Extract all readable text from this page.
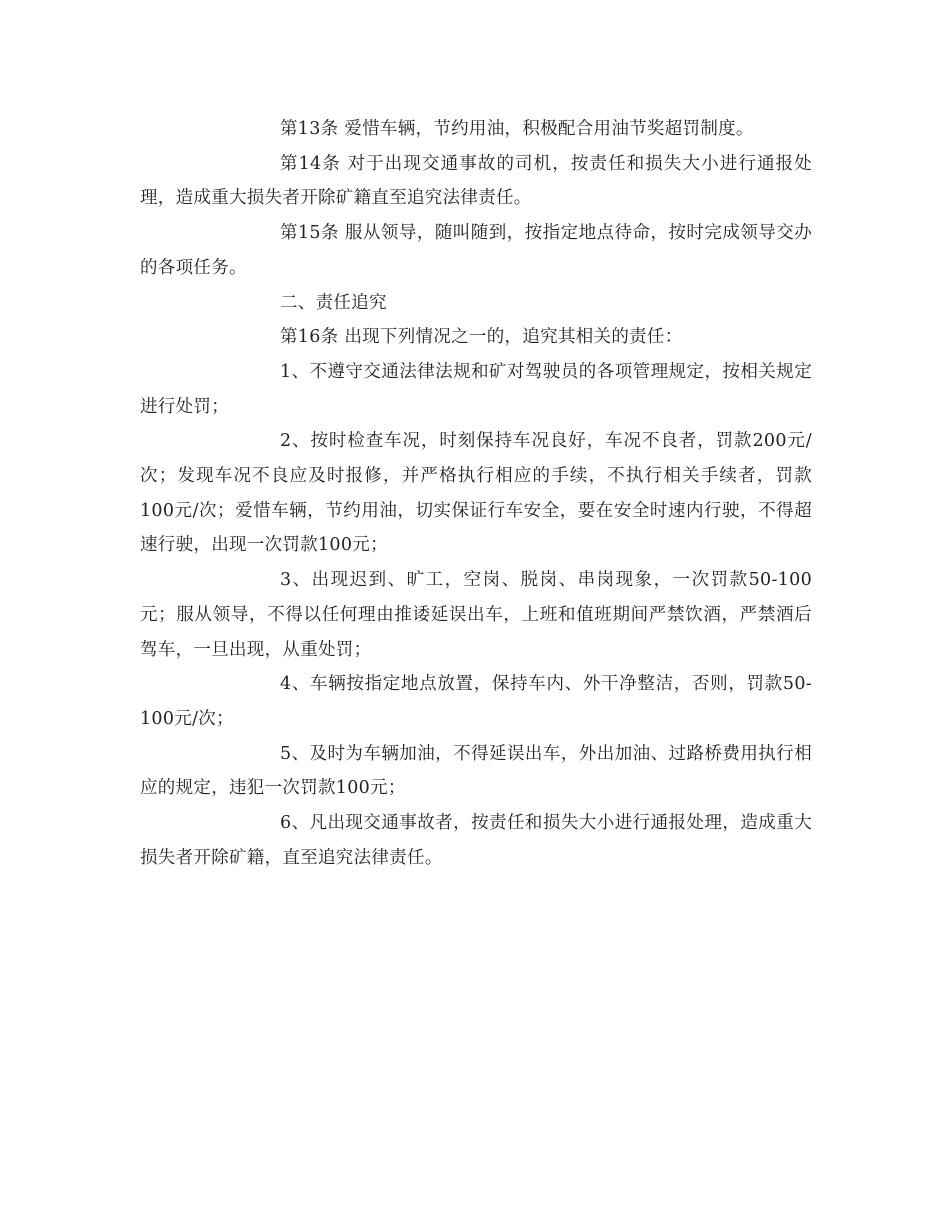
第13条 爱惜车辆，节约用油，积极配合用油节奖超罚制度。

第14条 对于出现交通事故的司机，按责任和损失大小进行通报处理，造成重大损失者开除矿籍直至追究法律责任。

第15条 服从领导，随叫随到，按指定地点待命，按时完成领导交办的各项任务。

二、责任追究

第16条 出现下列情况之一的，追究其相关的责任：

1、不遵守交通法律法规和矿对驾驶员的各项管理规定，按相关规定进行处罚；

2、按时检查车况，时刻保持车况良好，车况不良者，罚款200元/次；发现车况不良应及时报修，并严格执行相应的手续，不执行相关手续者，罚款100元/次；爱惜车辆，节约用油，切实保证行车安全，要在安全时速内行驶，不得超速行驶，出现一次罚款100元；

3、出现迟到、旷工，空岗、脱岗、串岗现象，一次罚款50-100元；服从领导，不得以任何理由推诿延误出车，上班和值班期间严禁饮酒，严禁酒后驾车，一旦出现，从重处罚；

4、车辆按指定地点放置，保持车内、外干净整洁，否则，罚款50-100元/次；

5、及时为车辆加油，不得延误出车，外出加油、过路桥费用执行相应的规定，违犯一次罚款100元；

6、凡出现交通事故者，按责任和损失大小进行通报处理，造成重大损失者开除矿籍，直至追究法律责任。
